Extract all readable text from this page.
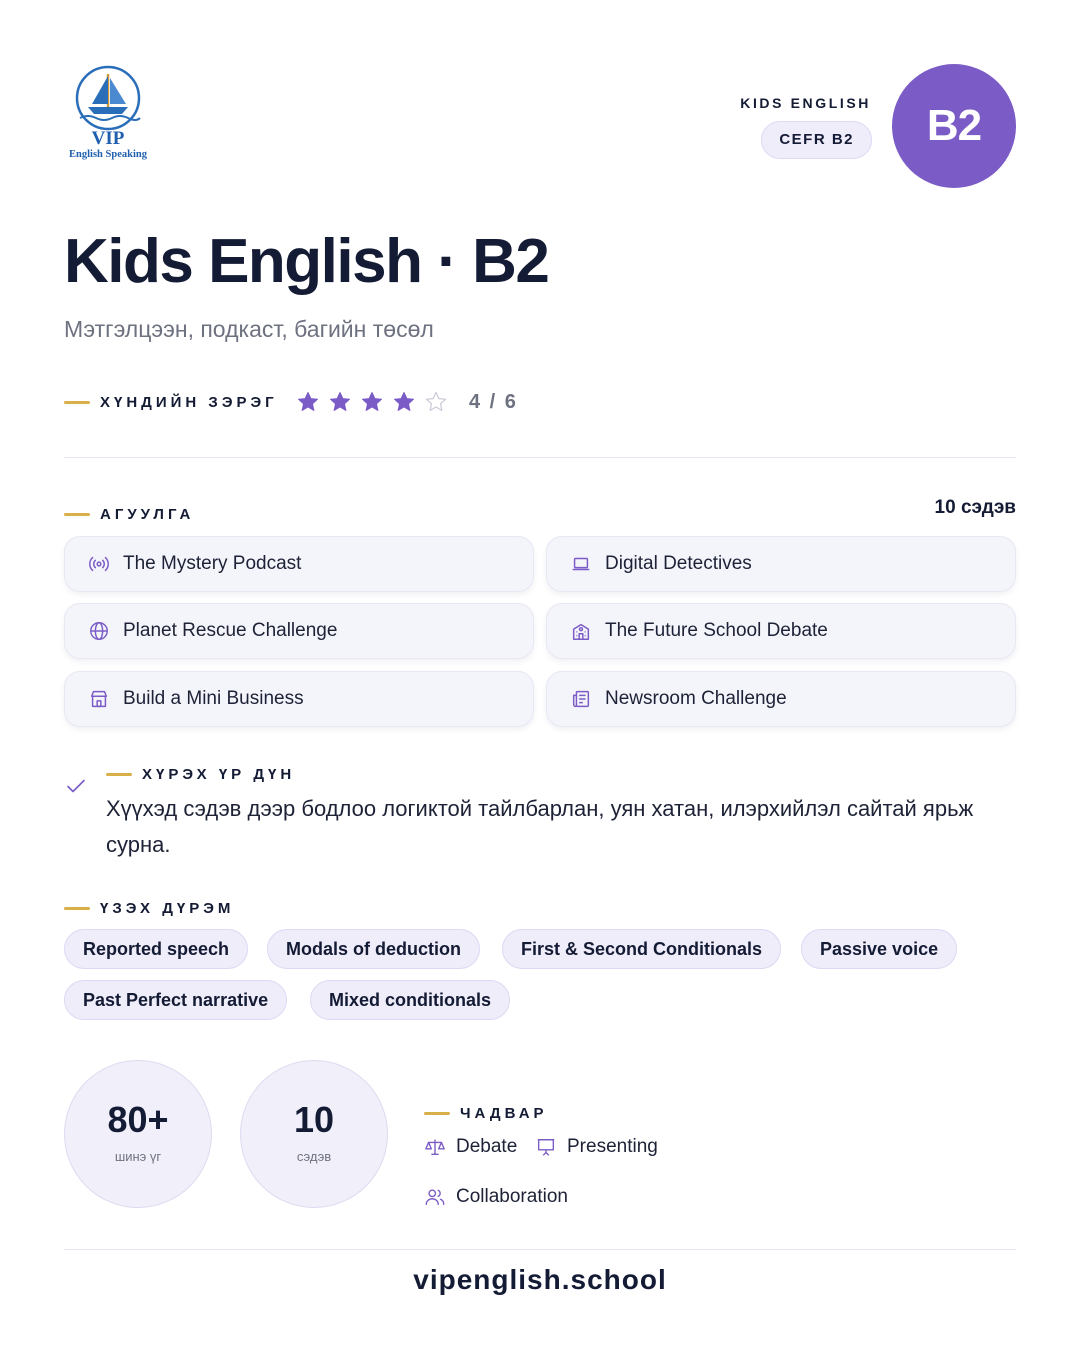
VIP
English Speaking
KIDS ENGLISH
CEFR B2	B2
Kids English · B2
Мэтгэлцээн, подкаст, багийн төсөл
ХҮНДИЙН ЗЭРЭГ	4 / 6
АГУУЛГА	10 сэдэв
The Mystery Podcast	Digital Detectives
Planet Rescue Challenge	The Future School Debate
Build a Mini Business	Newsroom Challenge
ХҮРЭХ ҮР ДҮН
Хүүхэд сэдэв дээр бодлоо логиктой тайлбарлан, уян хатан, илэрхийлэл сайтай ярьж сурна.
ҮЗЭХ ДҮРЭМ
Reported speech	Modals of deduction	First & Second Conditionals	Passive voice
Past Perfect narrative	Mixed conditionals
80+
шинэ үг
10
сэдэв
ЧАДВАР
Debate	Presenting
Collaboration
vipenglish.school
